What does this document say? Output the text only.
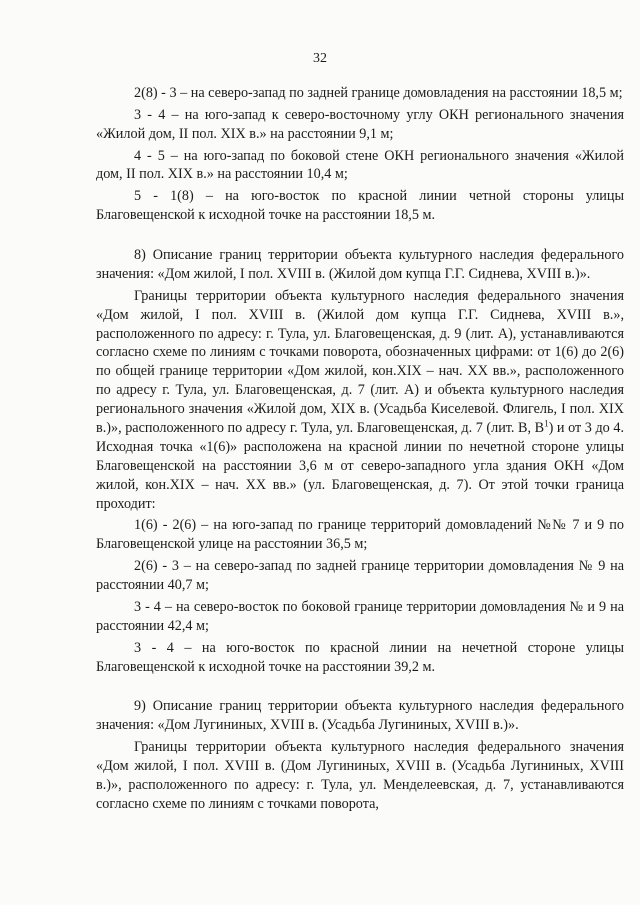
32

2(8) - 3 – на северо-запад по задней границе домовладения на расстоянии 18,5 м;

3 - 4 – на юго-запад к северо-восточному углу ОКН регионального значения «Жилой дом, II пол. XIX в.» на расстоянии 9,1 м;

4 - 5 – на юго-запад по боковой стене ОКН регионального значения «Жилой дом, II пол. XIX в.» на расстоянии 10,4 м;

5 - 1(8) – на юго-восток по красной линии четной стороны улицы Благовещенской к исходной точке на расстоянии 18,5 м.

8) Описание границ территории объекта культурного наследия федерального значения: «Дом жилой, I пол. XVIII в. (Жилой дом купца Г.Г. Сиднева, XVIII в.)».

Границы территории объекта культурного наследия федерального значения «Дом жилой, I пол. XVIII в. (Жилой дом купца Г.Г. Сиднева, XVIII в.», расположенного по адресу: г. Тула, ул. Благовещенская, д. 9 (лит. А), устанавливаются согласно схеме по линиям с точками поворота, обозначенных цифрами: от 1(6) до 2(6) по общей границе территории «Дом жилой, кон.XIX – нач. XX вв.», расположенного по адресу г. Тула, ул. Благовещенская, д. 7 (лит. А) и объекта культурного наследия регионального значения «Жилой дом, XIX в. (Усадьба Киселевой. Флигель, I пол. XIX в.)», расположенного по адресу г. Тула, ул. Благовещенская, д. 7 (лит. В, $В^1$) и от 3 до 4. Исходная точка «1(6)» расположена на красной линии по нечетной стороне улицы Благовещенской на расстоянии 3,6 м от северо-западного угла здания ОКН «Дом жилой, кон.XIX – нач. XX вв.» (ул. Благовещенская, д. 7). От этой точки граница проходит:

1(6) - 2(6) – на юго-запад по границе территорий домовладений №№ 7 и 9 по Благовещенской улице на расстоянии 36,5 м;

2(6) - 3 – на северо-запад по задней границе территории домовладения № 9 на расстоянии 40,7 м;

3 - 4 – на северо-восток по боковой границе территории домовладения № и 9 на расстоянии 42,4 м;

3 - 4 – на юго-восток по красной линии на нечетной стороне улицы Благовещенской к исходной точке на расстоянии 39,2 м.

9) Описание границ территории объекта культурного наследия федерального значения: «Дом Лугининых, XVIII в. (Усадьба Лугининых, XVIII в.)».

Границы территории объекта культурного наследия федерального значения «Дом жилой, I пол. XVIII в. (Дом Лугининых, XVIII в. (Усадьба Лугининых, XVIII в.)», расположенного по адресу: г. Тула, ул. Менделеевская, д. 7, устанавливаются согласно схеме по линиям с точками поворота,
